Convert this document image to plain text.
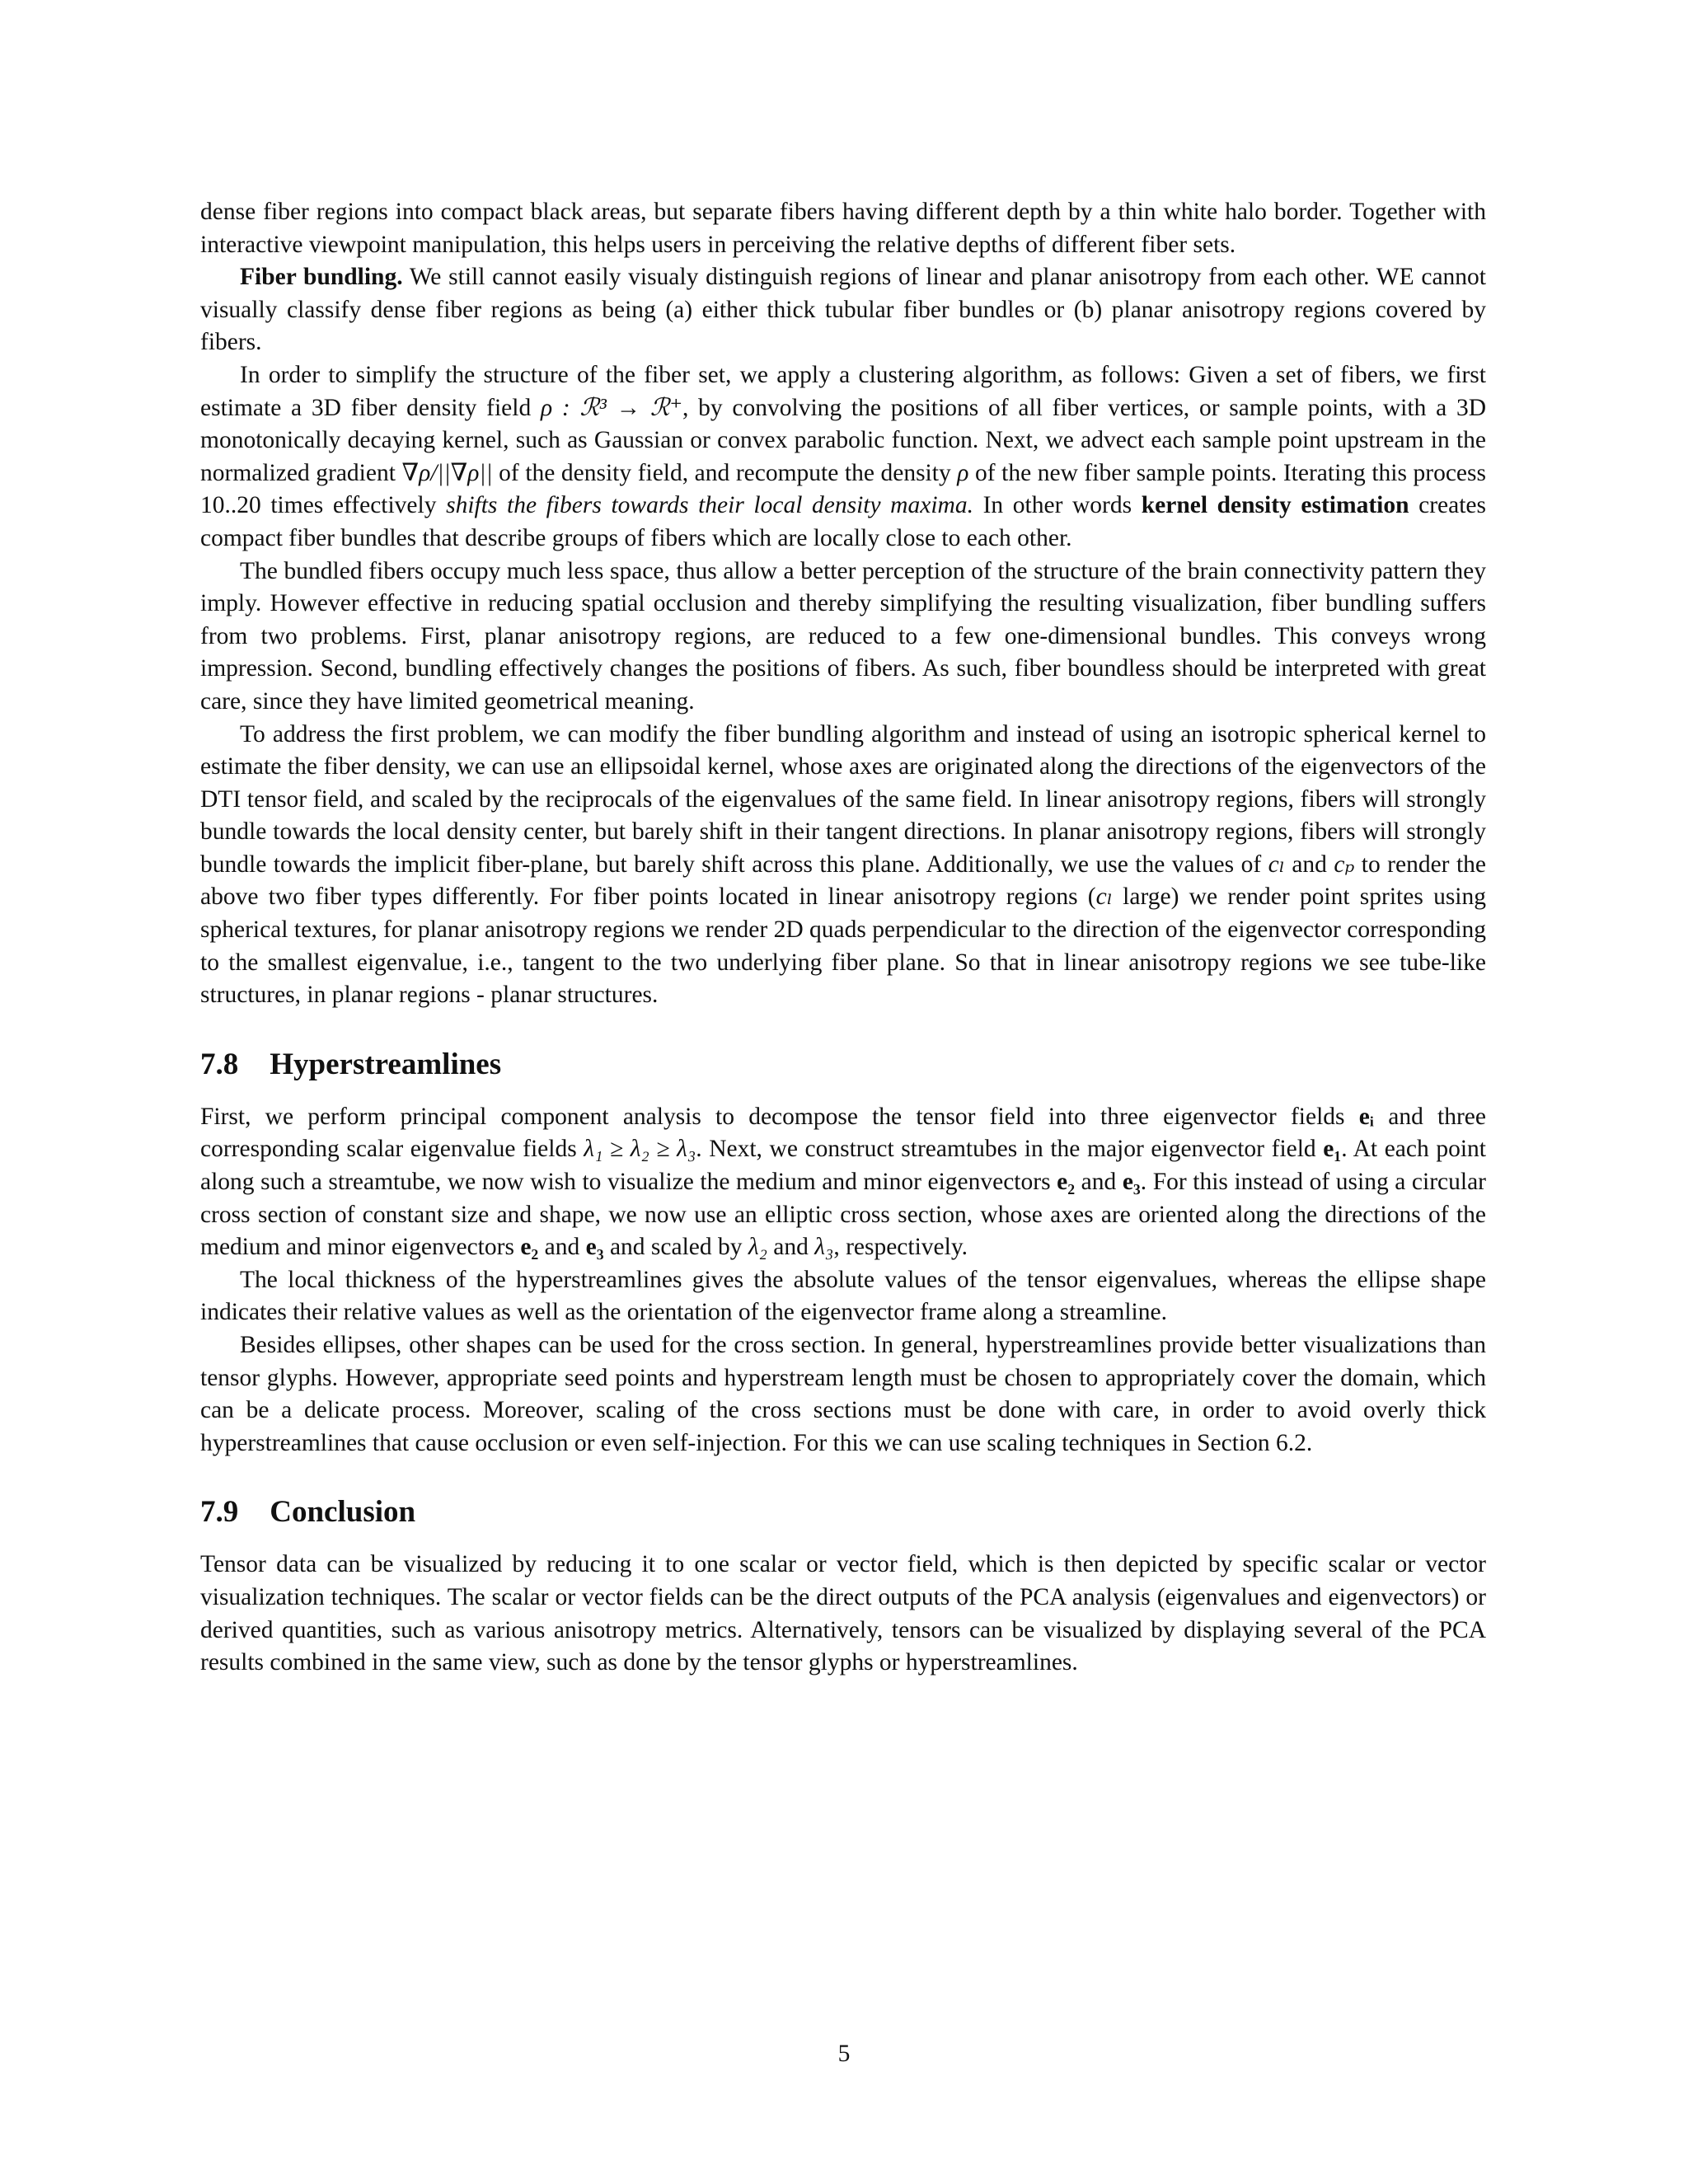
dense fiber regions into compact black areas, but separate fibers having different depth by a thin white halo border. Together with interactive viewpoint manipulation, this helps users in perceiving the relative depths of different fiber sets.

Fiber bundling. We still cannot easily visualy distinguish regions of linear and planar anisotropy from each other. WE cannot visually classify dense fiber regions as being (a) either thick tubular fiber bundles or (b) planar anisotropy regions covered by fibers.

In order to simplify the structure of the fiber set, we apply a clustering algorithm, as follows: Given a set of fibers, we first estimate a 3D fiber density field ρ : ℛ³ → ℛ⁺, by convolving the positions of all fiber vertices, or sample points, with a 3D monotonically decaying kernel, such as Gaussian or convex parabolic function. Next, we advect each sample point upstream in the normalized gradient ∇ρ/||∇ρ|| of the density field, and recompute the density ρ of the new fiber sample points. Iterating this process 10..20 times effectively shifts the fibers towards their local density maxima. In other words kernel density estimation creates compact fiber bundles that describe groups of fibers which are locally close to each other.

The bundled fibers occupy much less space, thus allow a better perception of the structure of the brain connectivity pattern they imply. However effective in reducing spatial occlusion and thereby simplifying the resulting visualization, fiber bundling suffers from two problems. First, planar anisotropy regions, are reduced to a few one-dimensional bundles. This conveys wrong impression. Second, bundling effectively changes the positions of fibers. As such, fiber boundless should be interpreted with great care, since they have limited geometrical meaning.

To address the first problem, we can modify the fiber bundling algorithm and instead of using an isotropic spherical kernel to estimate the fiber density, we can use an ellipsoidal kernel, whose axes are originated along the directions of the eigenvectors of the DTI tensor field, and scaled by the reciprocals of the eigenvalues of the same field. In linear anisotropy regions, fibers will strongly bundle towards the local density center, but barely shift in their tangent directions. In planar anisotropy regions, fibers will strongly bundle towards the implicit fiber-plane, but barely shift across this plane. Additionally, we use the values of cₗ and cₚ to render the above two fiber types differently. For fiber points located in linear anisotropy regions (cₗ large) we render point sprites using spherical textures, for planar anisotropy regions we render 2D quads perpendicular to the direction of the eigenvector corresponding to the smallest eigenvalue, i.e., tangent to the two underlying fiber plane. So that in linear anisotropy regions we see tube-like structures, in planar regions - planar structures.

7.8 Hyperstreamlines

First, we perform principal component analysis to decompose the tensor field into three eigenvector fields eᵢ and three corresponding scalar eigenvalue fields λ₁ ≥ λ₂ ≥ λ₃. Next, we construct streamtubes in the major eigenvector field e₁. At each point along such a streamtube, we now wish to visualize the medium and minor eigenvectors e₂ and e₃. For this instead of using a circular cross section of constant size and shape, we now use an elliptic cross section, whose axes are oriented along the directions of the medium and minor eigenvectors e₂ and e₃ and scaled by λ₂ and λ₃, respectively.

The local thickness of the hyperstreamlines gives the absolute values of the tensor eigenvalues, whereas the ellipse shape indicates their relative values as well as the orientation of the eigenvector frame along a streamline.

Besides ellipses, other shapes can be used for the cross section. In general, hyperstreamlines provide better visualizations than tensor glyphs. However, appropriate seed points and hyperstream length must be chosen to appropriately cover the domain, which can be a delicate process. Moreover, scaling of the cross sections must be done with care, in order to avoid overly thick hyperstreamlines that cause occlusion or even self-injection. For this we can use scaling techniques in Section 6.2.

7.9 Conclusion

Tensor data can be visualized by reducing it to one scalar or vector field, which is then depicted by specific scalar or vector visualization techniques. The scalar or vector fields can be the direct outputs of the PCA analysis (eigenvalues and eigenvectors) or derived quantities, such as various anisotropy metrics. Alternatively, tensors can be visualized by displaying several of the PCA results combined in the same view, such as done by the tensor glyphs or hyperstreamlines.

5
